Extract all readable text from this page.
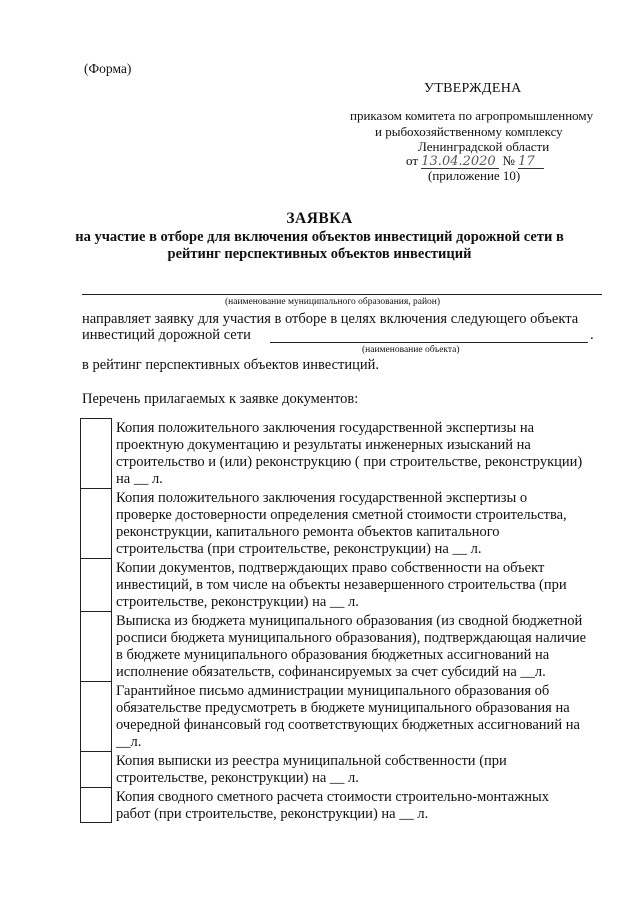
(Форма)
УТВЕРЖДЕНА
приказом комитета по агропромышленному
и рыбохозяйственному комплексу
Ленинградской области
от 13.04.2020 № 17
(приложение 10)
ЗАЯВКА
на участие в отборе для включения объектов инвестиций дорожной сети в
рейтинг перспективных объектов инвестиций
(наименование муниципального образования, район)
направляет заявку для участия в отборе в целях включения следующего объекта
инвестиций дорожной сети	.
(наименование объекта)
в рейтинг перспективных объектов инвестиций.
Перечень прилагаемых к заявке документов:
Копия положительного заключения государственной экспертизы на
проектную документацию и результаты инженерных изысканий на
строительство и (или) реконструкцию ( при строительстве, реконструкции)
на __ л.
Копия положительного заключения государственной экспертизы о
проверке достоверности определения сметной стоимости строительства,
реконструкции, капитального ремонта объектов капитального
строительства (при строительстве, реконструкции) на __ л.
Копии документов, подтверждающих право собственности на объект
инвестиций, в том числе на объекты незавершенного строительства (при
строительстве, реконструкции) на __ л.
Выписка из бюджета муниципального образования (из сводной бюджетной
росписи бюджета муниципального образования), подтверждающая наличие
в бюджете муниципального образования бюджетных ассигнований на
исполнение обязательств, софинансируемых за счет субсидий на __л.
Гарантийное письмо администрации муниципального образования об
обязательстве предусмотреть в бюджете муниципального образования на
очередной финансовый год соответствующих бюджетных ассигнований на
__л.
Копия выписки из реестра муниципальной собственности (при
строительстве, реконструкции) на __ л.
Копия сводного сметного расчета стоимости строительно-монтажных
работ (при строительстве, реконструкции) на __ л.
